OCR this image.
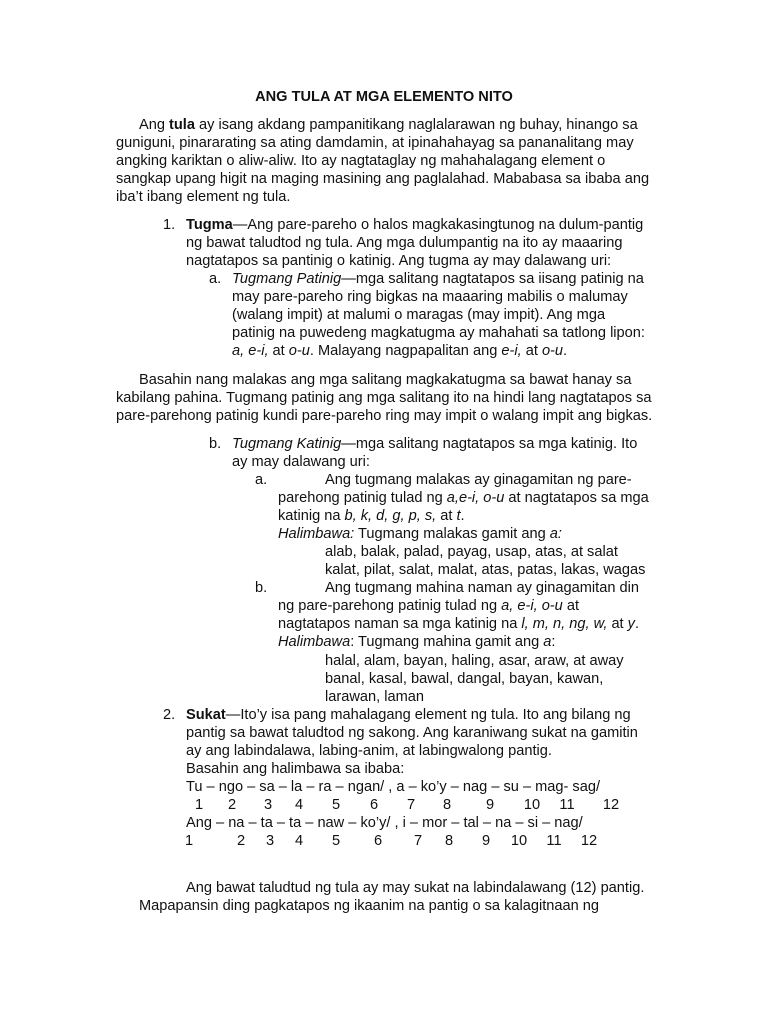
ANG TULA AT MGA ELEMENTO NITO
Ang tula ay isang akdang pampanitikang naglalarawan ng buhay, hinango sa
guniguni, pinararating sa ating damdamin, at ipinahahayag sa pananalitang may
angking kariktan o aliw-aliw. Ito ay nagtataglay ng mahahalagang element o
sangkap upang higit na maging masining ang paglalahad. Mababasa sa ibaba ang
iba’t ibang element ng tula.
1. Tugma—Ang pare-pareho o halos magkakasingtunog na dulum-pantig
ng bawat taludtod ng tula. Ang mga dulumpantig na ito ay maaaring
nagtatapos sa pantinig o katinig. Ang tugma ay may dalawang uri:
a. Tugmang Patinig—mga salitang nagtatapos sa iisang patinig na
may pare-pareho ring bigkas na maaaring mabilis o malumay
(walang impit) at malumi o maragas (may impit). Ang mga
patinig na puwedeng magkatugma ay mahahati sa tatlong lipon:
a, e-i, at o-u. Malayang nagpapalitan ang e-i, at o-u.
Basahin nang malakas ang mga salitang magkakatugma sa bawat hanay sa
kabilang pahina. Tugmang patinig ang mga salitang ito na hindi lang nagtatapos sa
pare-parehong patinig kundi pare-pareho ring may impit o walang impit ang bigkas.
b. Tugmang Katinig—mga salitang nagtatapos sa mga katinig. Ito
ay may dalawang uri:
a.	Ang tugmang malakas ay ginagamitan ng pare-
parehong patinig tulad ng a,e-i, o-u at nagtatapos sa mga
katinig na b, k, d, g, p, s, at t.
Halimbawa: Tugmang malakas gamit ang a:
alab, balak, palad, payag, usap, atas, at salat
kalat, pilat, salat, malat, atas, patas, lakas, wagas
b.	Ang tugmang mahina naman ay ginagamitan din
ng pare-parehong patinig tulad ng a, e-i, o-u at
nagtatapos naman sa mga katinig na l, m, n, ng, w, at y.
Halimbawa: Tugmang mahina gamit ang a:
halal, alam, bayan, haling, asar, araw, at away
banal, kasal, bawal, dangal, bayan, kawan,
larawan, laman
2. Sukat—Ito’y isa pang mahalagang element ng tula. Ito ang bilang ng
pantig sa bawat taludtod ng sakong. Ang karaniwang sukat na gamitin
ay ang labindalawa, labing-anim, at labingwalong pantig.
Basahin ang halimbawa sa ibaba:
Tu – ngo – sa – la – ra – ngan/ , a – ko’y – nag – su – mag- sag/
1	2	3	4	5	6	7	8	9	10	11	12
Ang – na – ta – ta – naw – ko’y/ , i – mor – tal – na – si – nag/
1	2	3	4	5	6	7	8	9	10	11	12
Ang bawat taludtud ng tula ay may sukat na labindalawang (12) pantig.
Mapapansin ding pagkatapos ng ikaanim na pantig o sa kalagitnaan ng
